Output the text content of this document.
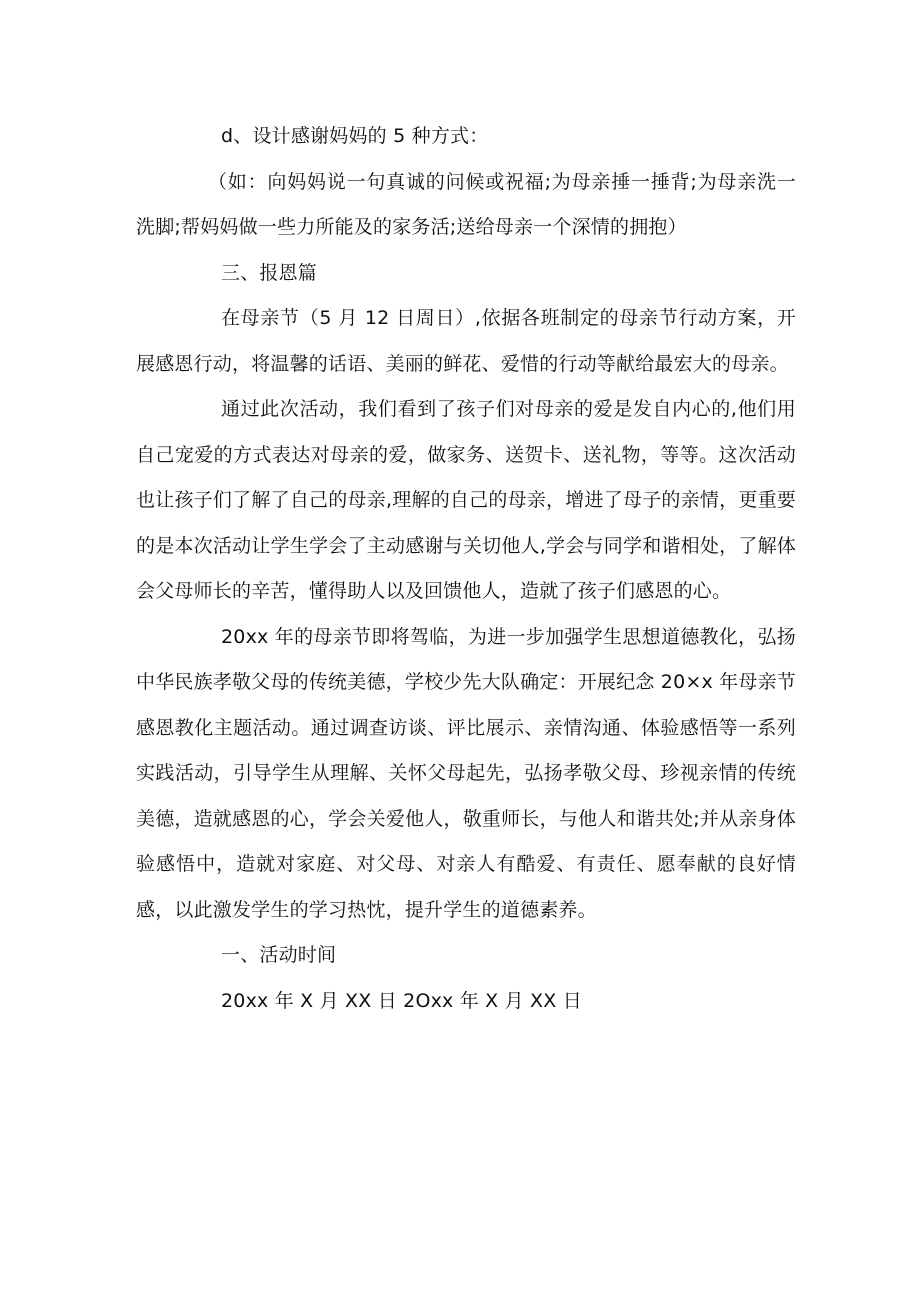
d、设计感谢妈妈的 5 种方式：

（如：向妈妈说一句真诚的问候或祝福;为母亲捶一捶背;为母亲洗一洗脚;帮妈妈做一些力所能及的家务活;送给母亲一个深情的拥抱）

三、报恩篇

在母亲节（5 月 12 日周日）,依据各班制定的母亲节行动方案，开展感恩行动，将温馨的话语、美丽的鲜花、爱惜的行动等献给最宏大的母亲。

通过此次活动，我们看到了孩子们对母亲的爱是发自内心的,他们用自己宠爱的方式表达对母亲的爱，做家务、送贺卡、送礼物，等等。这次活动也让孩子们了解了自己的母亲,理解的自己的母亲，增进了母子的亲情，更重要的是本次活动让学生学会了主动感谢与关切他人,学会与同学和谐相处，了解体会父母师长的辛苦，懂得助人以及回馈他人，造就了孩子们感恩的心。

20xx 年的母亲节即将驾临，为进一步加强学生思想道德教化，弘扬中华民族孝敬父母的传统美德，学校少先大队确定：开展纪念 20×x 年母亲节感恩教化主题活动。通过调查访谈、评比展示、亲情沟通、体验感悟等一系列实践活动，引导学生从理解、关怀父母起先，弘扬孝敬父母、珍视亲情的传统美德，造就感恩的心，学会关爱他人，敬重师长，与他人和谐共处;并从亲身体验感悟中，造就对家庭、对父母、对亲人有酷爱、有责任、愿奉献的良好情感，以此激发学生的学习热忱，提升学生的道德素养。

一、活动时间

20xx 年 X 月 XX 日 2Oxx 年 X 月 XX 日
